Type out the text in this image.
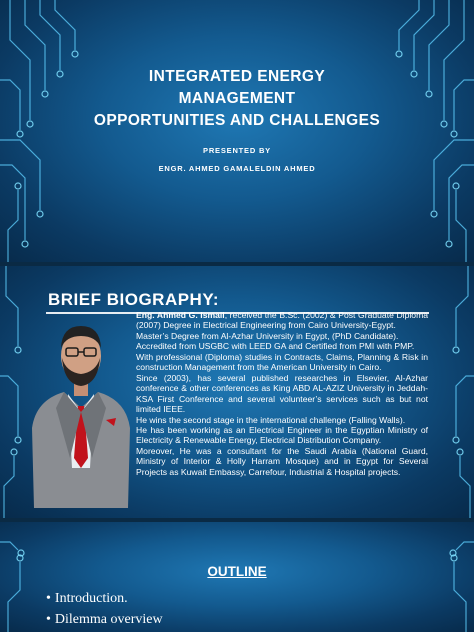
INTEGRATED ENERGY
MANAGEMENT
OPPORTUNITIES AND CHALLENGES
PRESENTED BY
ENGR. AHMED GAMALELDIN AHMED
BRIEF BIOGRAPHY:

Eng. Ahmed G. Ismail, received the B.Sc. (2002) & Post Graduate Diploma (2007) Degree in Electrical Engineering from Cairo University-Egypt.

Master’s Degree from Al-Azhar University in Egypt, (PhD Candidate).

Accredited from USGBC with LEED GA and Certified from PMI with PMP.

With professional (Diploma) studies in Contracts, Claims, Planning & Risk in construction Management from the American University in Cairo.

Since (2003), has several published researches in Elsevier, Al-Azhar conference & other conferences as King ABD AL-AZIZ University in Jeddah-KSA First Conference and several volunteer’s services such as but not limited IEEE.

He wins the second stage in the international challenge (Falling Walls).

He has been working as an Electrical Engineer in the Egyptian Ministry of Electricity & Renewable Energy, Electrical Distribution Company.

Moreover, He was a consultant for the Saudi Arabia (National Guard, Ministry of Interior & Holly Harram Mosque) and in Egypt for Several Projects as Kuwait Embassy, Carrefour, Industrial & Hospital projects.

OUTLINE
• Introduction.
• Dilemma overview
